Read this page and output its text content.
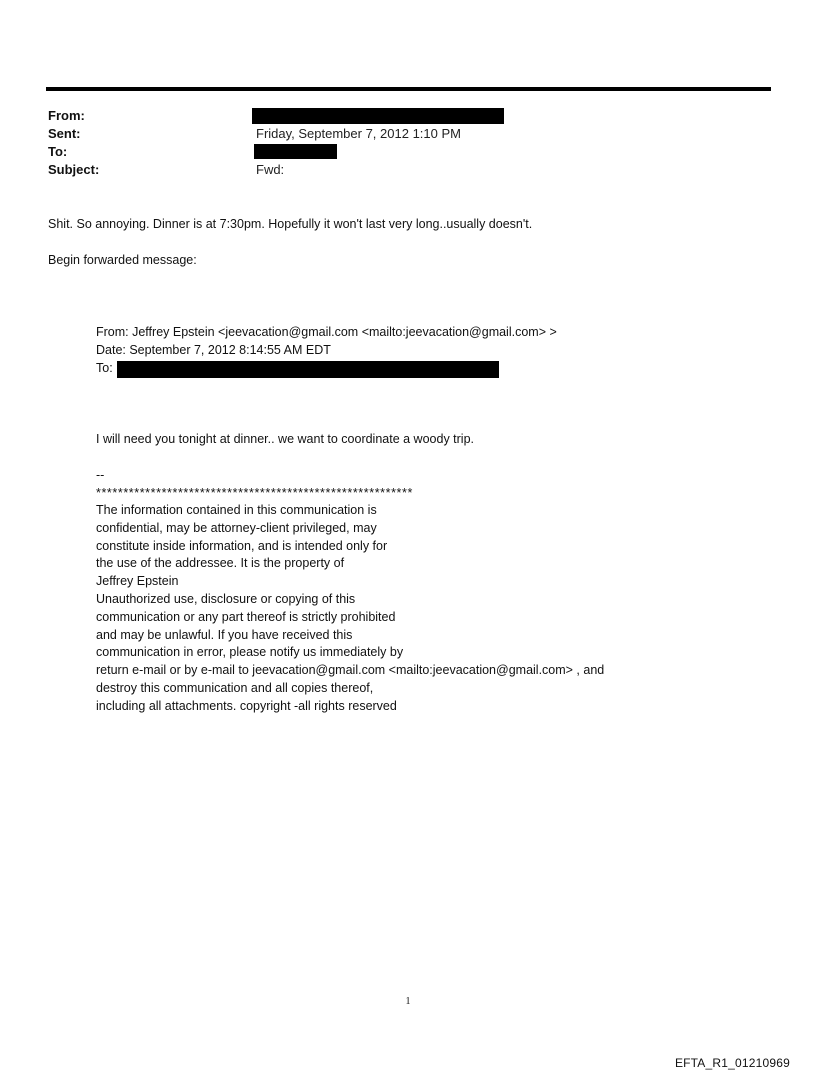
From:
Sent:	Friday, September 7, 2012 1:10 PM
To:
Subject:	Fwd:
Shit. So annoying. Dinner is at 7:30pm. Hopefully it won't last very long..usually doesn't.
Begin forwarded message:
From: Jeffrey Epstein <jeevacation@gmail.com <mailto:jeevacation@gmail.com> >
Date: September 7, 2012 8:14:55 AM EDT
To:
I will need you tonight at dinner.. we want to coordinate a woody trip.
--
**********************************************************
The information contained in this communication is
confidential, may be attorney-client privileged, may
constitute inside information, and is intended only for
the use of the addressee. It is the property of
Jeffrey Epstein
Unauthorized use, disclosure or copying of this
communication or any part thereof is strictly prohibited
and may be unlawful. If you have received this
communication in error, please notify us immediately by
return e-mail or by e-mail to jeevacation@gmail.com <mailto:jeevacation@gmail.com> , and
destroy this communication and all copies thereof,
including all attachments. copyright -all rights reserved
1
EFTA_R1_01210969
